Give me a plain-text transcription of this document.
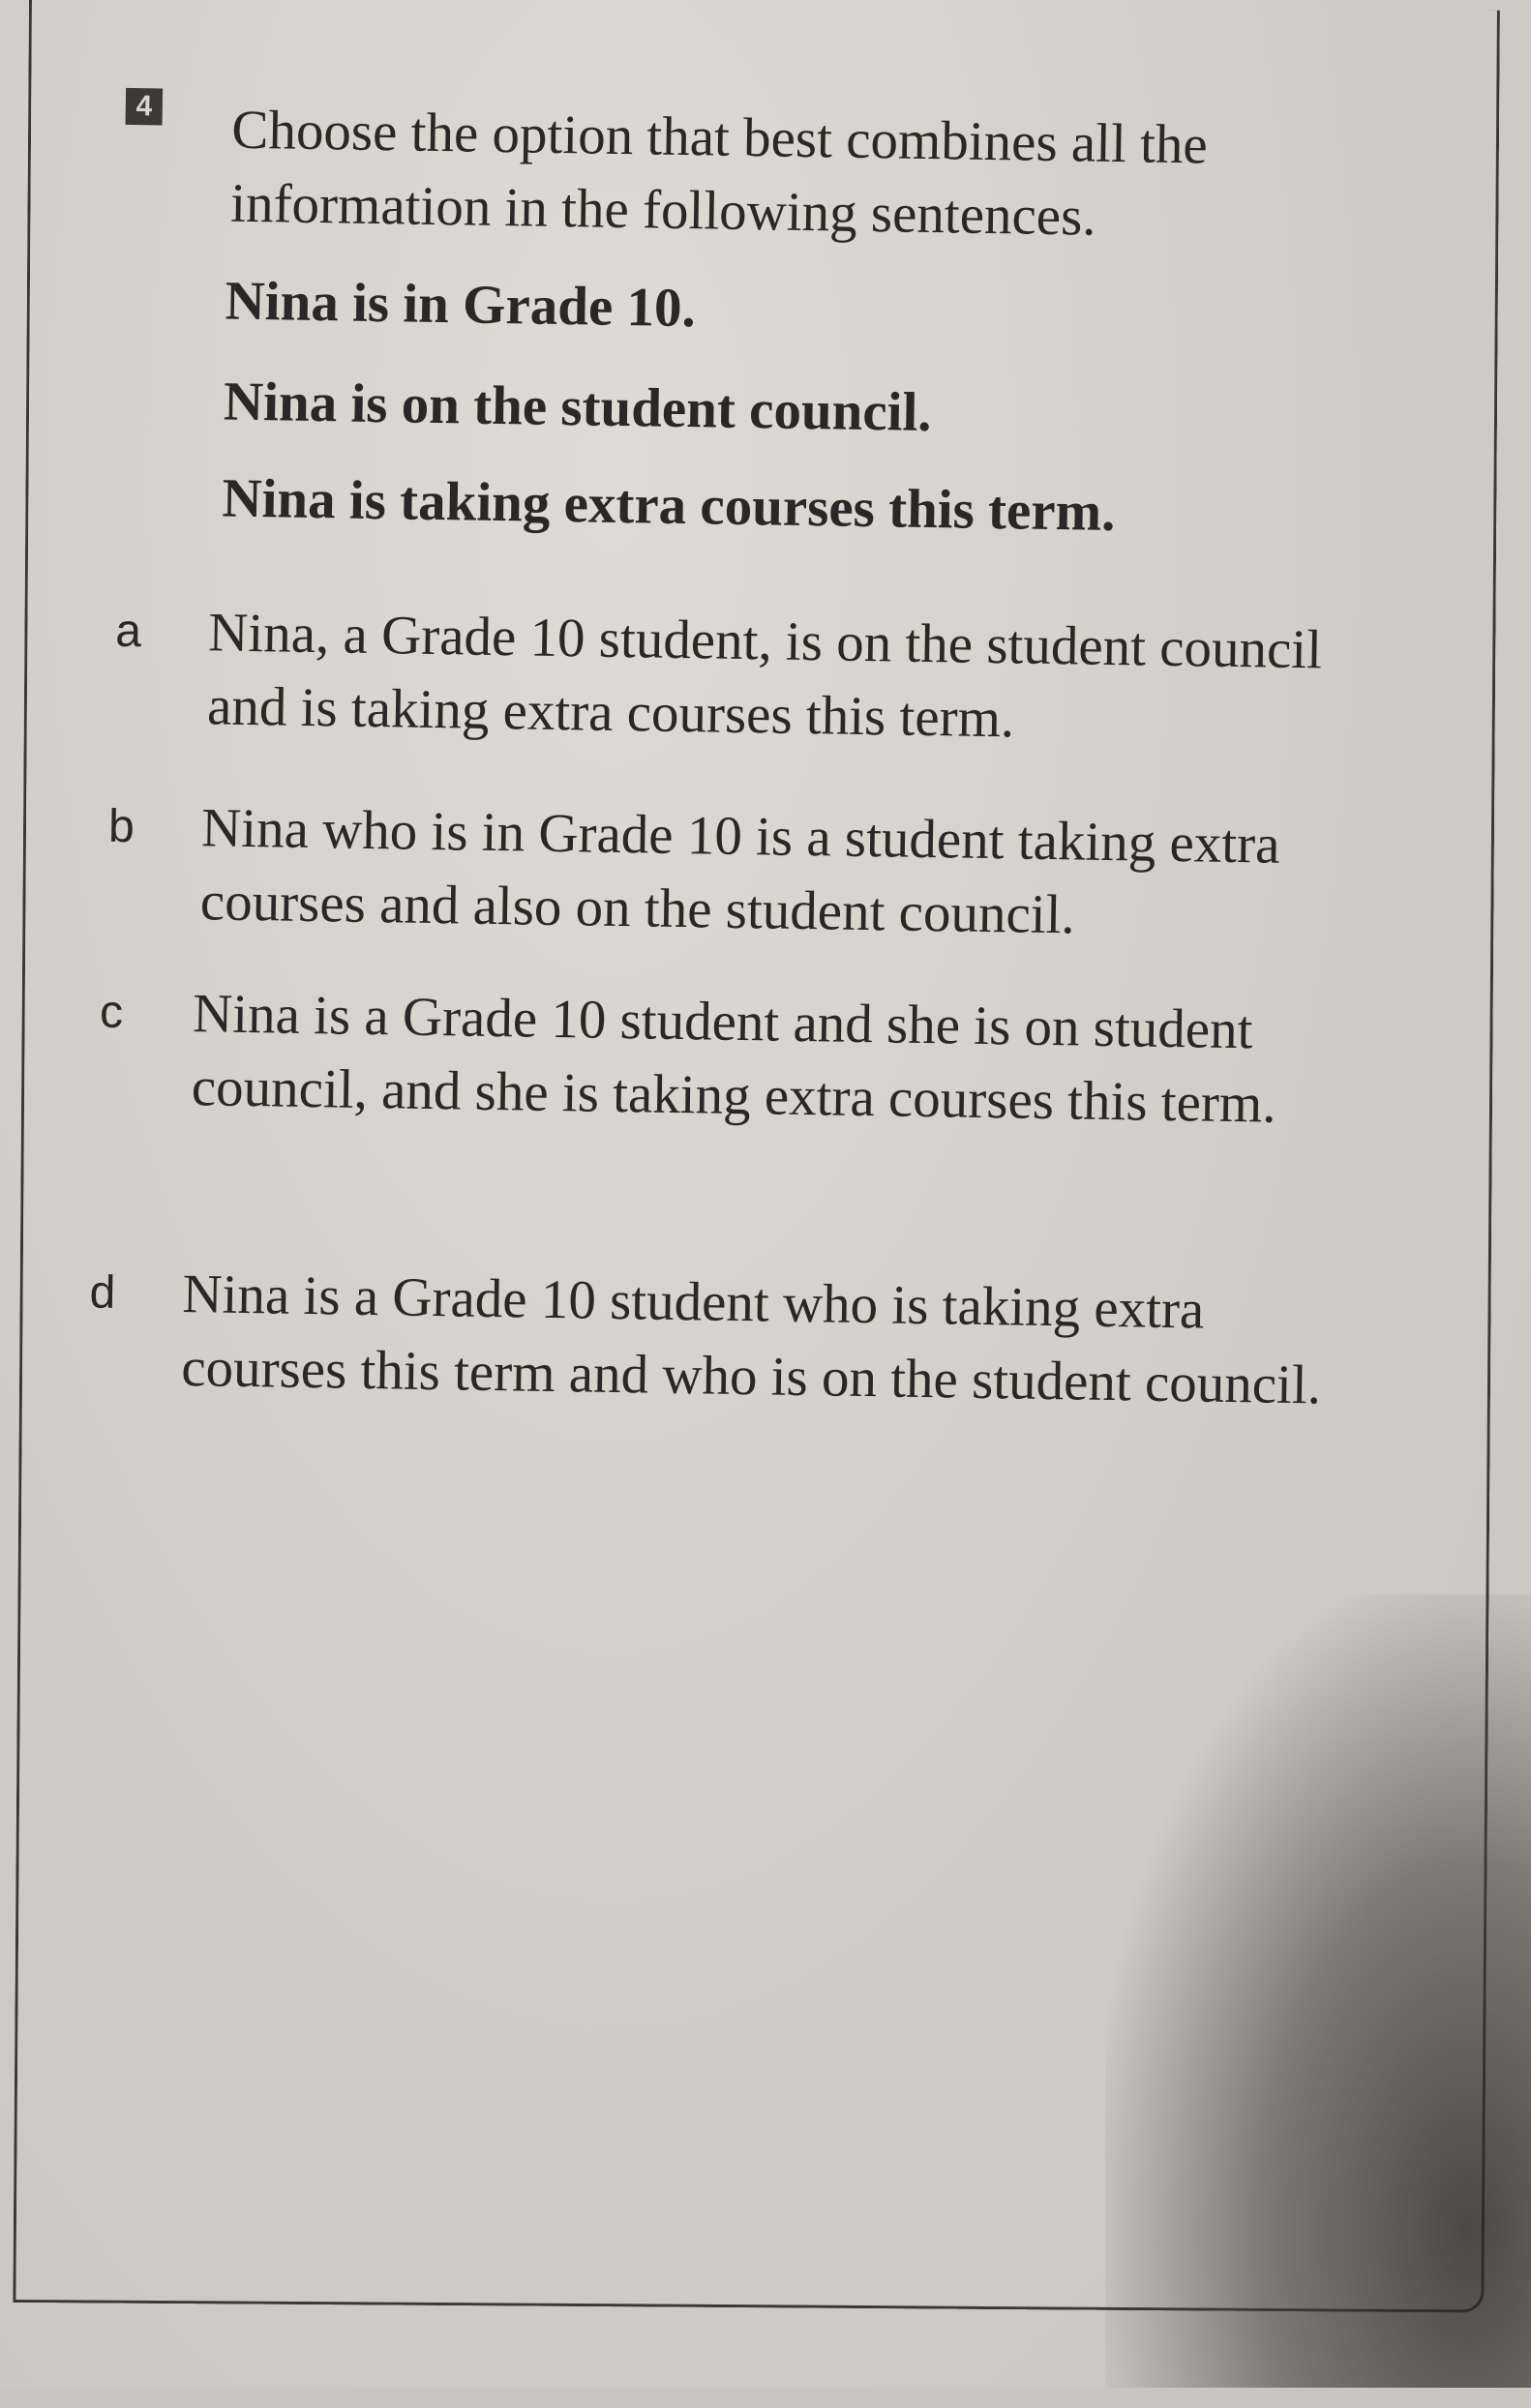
4 Choose the option that best combines all the information in the following sentences.
Nina is in Grade 10.
Nina is on the student council.
Nina is taking extra courses this term.
a	Nina, a Grade 10 student, is on the student council and is taking extra courses this term.
b	Nina who is in Grade 10 is a student taking extra courses and also on the student council.
c	Nina is a Grade 10 student and she is on student council, and she is taking extra courses this term.
d	Nina is a Grade 10 student who is taking extra courses this term and who is on the student council.
